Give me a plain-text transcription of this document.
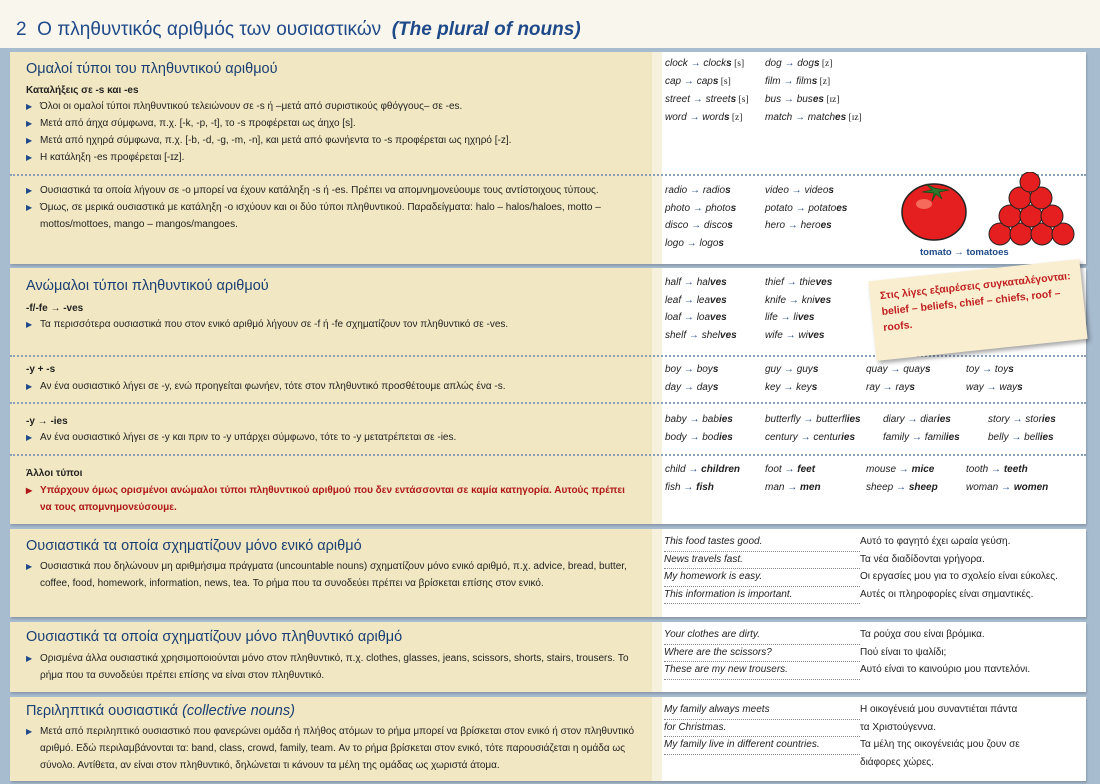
2 Ο πληθυντικός αριθμός των ουσιαστικών (The plural of nouns)
Ομαλοί τύποι του πληθυντικού αριθμού
Καταλήξεις σε -s και -es
▶ Όλοι οι ομαλοί τύποι πληθυντικού τελειώνουν σε -s ή –μετά από συριστικούς φθόγγους– σε -es.
▶ Μετά από άηχα σύμφωνα, π.χ. [-k, -p, -t], το -s προφέρεται ως άηχο [s].
▶ Μετά από ηχηρά σύμφωνα, π.χ. [-b, -d, -g, -m, -n], και μετά από φωνήεντα το -s προφέρεται ως ηχηρό [-z].
▶ Η κατάληξη -es προφέρεται [-ɪz].
clock → clocks [s] dog → dogs [z]
cap → caps [s]	film → films [z]
street → streets [s] bus → buses [ɪz]
word → words [z] match → matches [ɪz]
▶ Ουσιαστικά τα οποία λήγουν σε -o μπορεί να έχουν κατάληξη -s ή -es. Πρέπει να απομνημονεύουμε τους αντίστοιχους τύπους.
▶ Όμως, σε μερικά ουσιαστικά με κατάληξη -o ισχύουν και οι δύο τύποι πληθυντικού. Παραδείγματα: halo – halos/haloes, motto – mottos/mottoes, mango – mangos/mangoes.
radio → radios	video → videos
photo → photos	potato → potatoes
disco → discos	hero → heroes
logo → logos
tomato → tomatoes
Ανώμαλοι τύποι πληθυντικού αριθμού
-f/-fe → -ves
▶ Τα περισσότερα ουσιαστικά που στον ενικό αριθμό λήγουν σε -f ή -fe σχηματίζουν τον πληθυντικό σε -ves.
half → halves	thief → thieves
leaf → leaves	knife → knives
loaf → loaves	life → lives
shelf → shelves	wife → wives
-y + -s
▶ Αν ένα ουσιαστικό λήγει σε -y, ενώ προηγείται φωνήεν, τότε στον πληθυντικό προσθέτουμε απλώς ένα -s.
boy → boys	guy → guys	quay → quays	toy → toys
day → days	key → keys	ray → rays	way → ways
-y → -ies
▶ Αν ένα ουσιαστικό λήγει σε -y και πριν το -y υπάρχει σύμφωνο, τότε το -y μετατρέπεται σε -ies.
baby → babies	butterfly → butterflies diary → diaries	story → stories
body → bodies	century → centuries	family → families	belly → bellies
Άλλοι τύποι
▶ Υπάρχουν όμως ορισμένοι ανώμαλοι τύποι πληθυντικού αριθμού που δεν εντάσσονται σε καμία κατηγορία. Αυτούς πρέπει να τους απομνημονεύσουμε.
child → children foot → feet	mouse → mice	tooth → teeth
fish → fish	man → men	sheep → sheep	woman → women
Στις λίγες εξαιρέσεις συγκαταλέγονται: belief – beliefs, chief – chiefs, roof – roofs.
Ουσιαστικά τα οποία σχηματίζουν μόνο ενικό αριθμό
▶ Ουσιαστικά που δηλώνουν μη αριθμήσιμα πράγματα (uncountable nouns) σχηματίζουν μόνο ενικό αριθμό, π.χ. advice, bread, butter, coffee, food, homework, information, news, tea. Το ρήμα που τα συνοδεύει πρέπει να βρίσκεται επίσης στον ενικό.
This food tastes good.	Αυτό το φαγητό έχει ωραία γεύση.
News travels fast.	Τα νέα διαδίδονται γρήγορα.
My homework is easy.	Οι εργασίες μου για το σχολείο είναι εύκολες.
This information is important.	Αυτές οι πληροφορίες είναι σημαντικές.
Ουσιαστικά τα οποία σχηματίζουν μόνο πληθυντικό αριθμό
▶ Ορισμένα άλλα ουσιαστικά χρησιμοποιούνται μόνο στον πληθυντικό, π.χ. clothes, glasses, jeans, scissors, shorts, stairs, trousers. Το ρήμα που τα συνοδεύει πρέπει επίσης να είναι στον πληθυντικό.
Your clothes are dirty.	Τα ρούχα σου είναι βρόμικα.
Where are the scissors?	Πού είναι το ψαλίδι;
These are my new trousers.	Αυτό είναι το καινούριο μου παντελόνι.
Περιληπτικά ουσιαστικά (collective nouns)
▶ Μετά από περιληπτικό ουσιαστικό που φανερώνει ομάδα ή πλήθος ατόμων το ρήμα μπορεί να βρίσκεται στον ενικό ή στον πληθυντικό αριθμό. Εδώ περιλαμβάνονται τα: band, class, crowd, family, team. Αν το ρήμα βρίσκεται στον ενικό, τότε παρουσιάζεται η ομάδα ως σύνολο. Αντίθετα, αν είναι στον πληθυντικό, δηλώνεται τι κάνουν τα μέλη της ομάδας ως χωριστά άτομα.
My family always meets	Η οικογένειά μου συναντιέται πάντα
for Christmas.	τα Χριστούγεννα.
My family live in different countries.	Τα μέλη της οικογένειάς μου ζουν σε
διάφορες χώρες.
